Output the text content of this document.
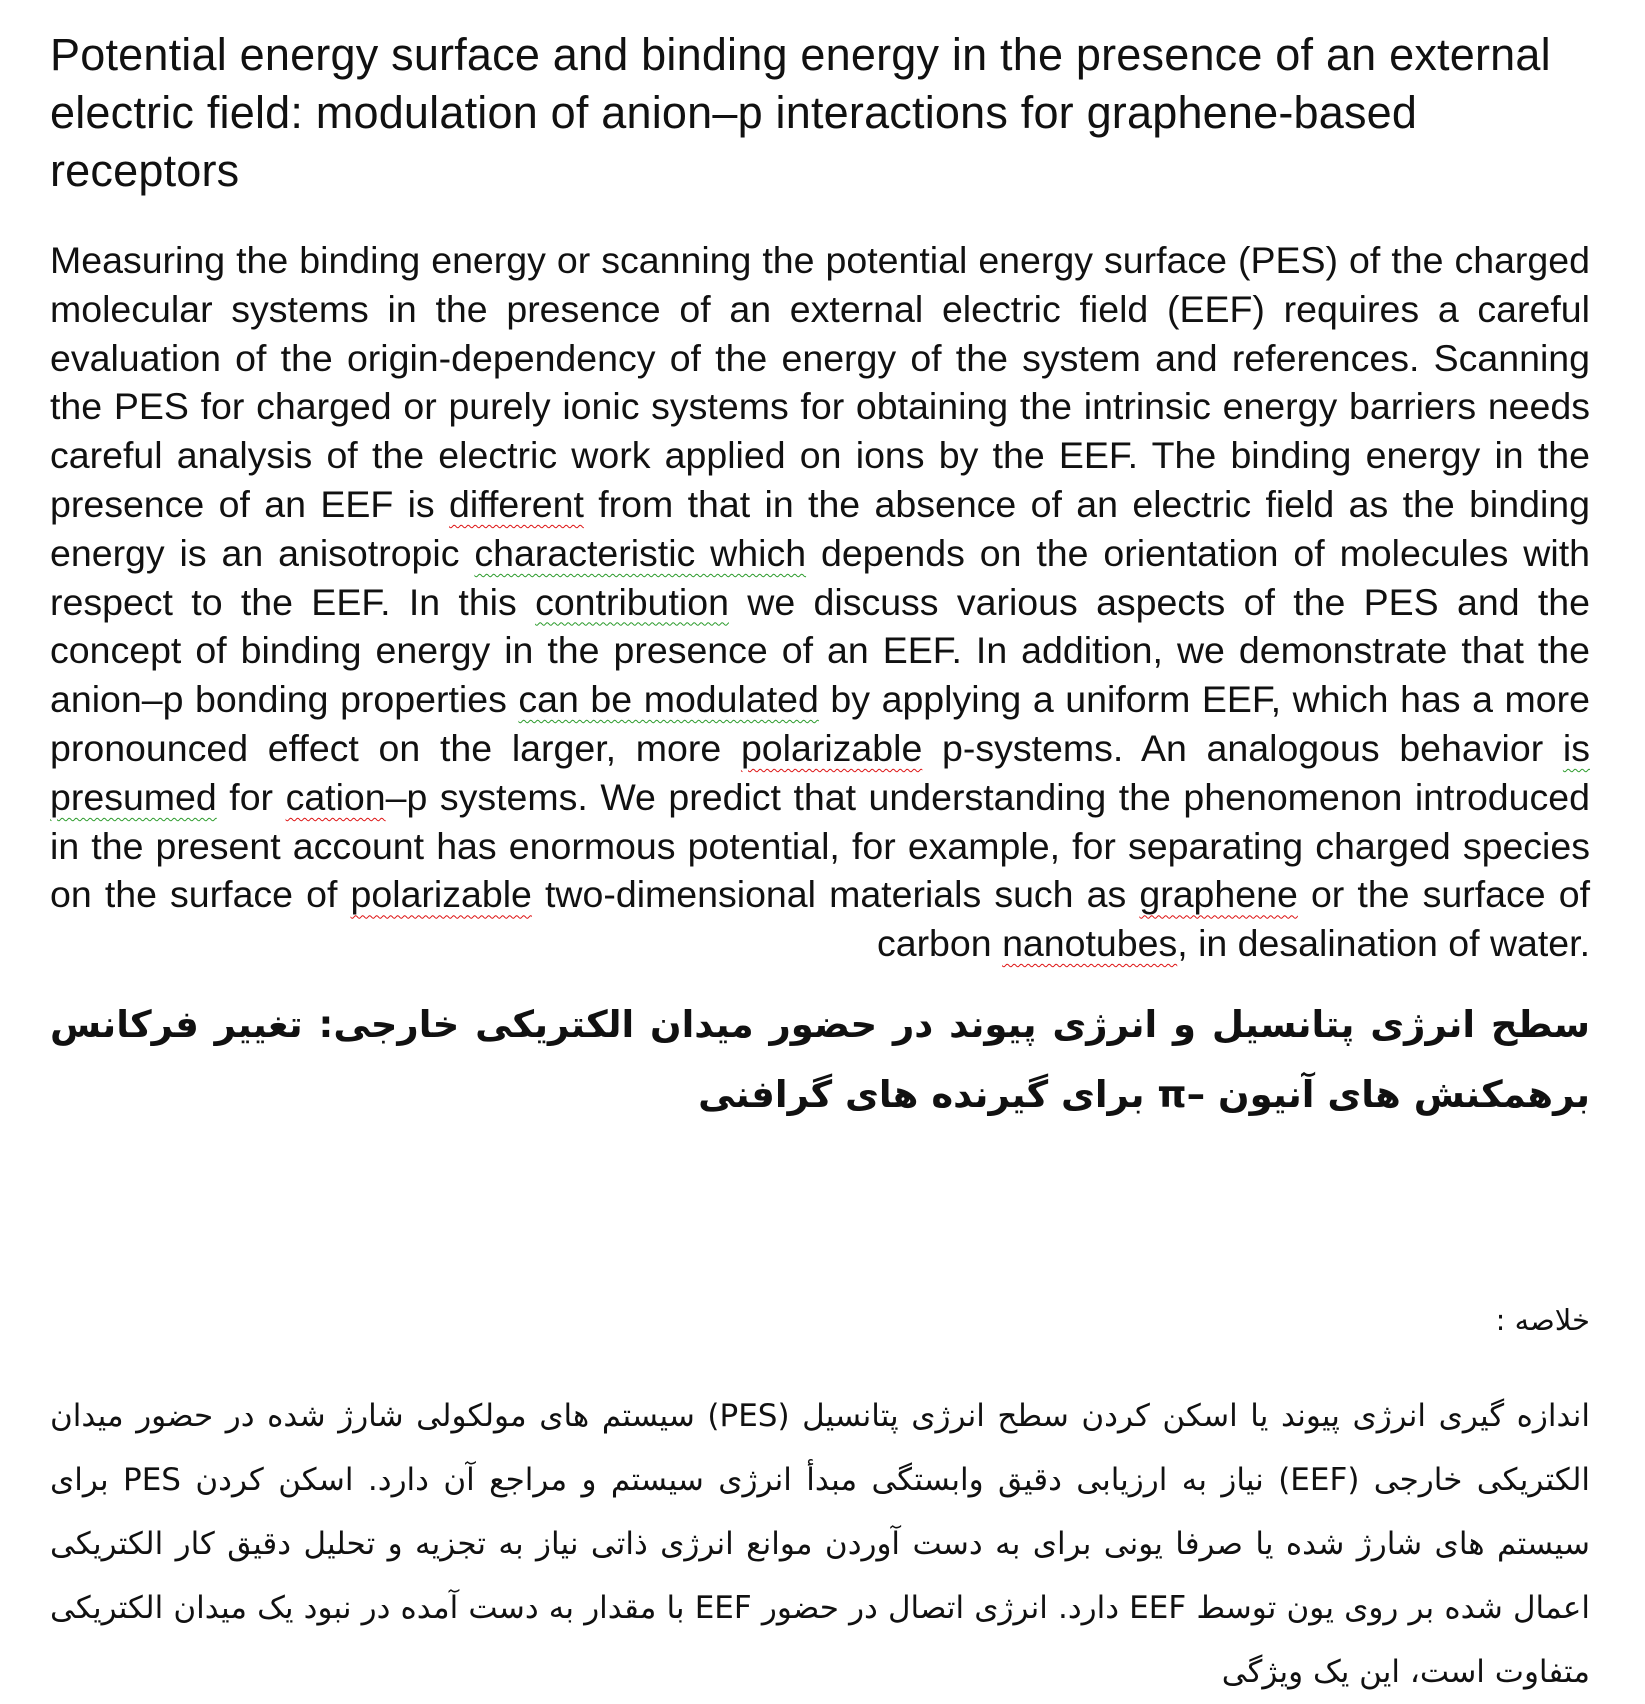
Potential energy surface and binding energy in the presence of an external electric field: modulation of anion–p interactions for graphene-based receptors

Measuring the binding energy or scanning the potential energy surface (PES) of the charged molecular systems in the presence of an external electric field (EEF) requires a careful evaluation of the origin-dependency of the energy of the system and references. Scanning the PES for charged or purely ionic systems for obtaining the intrinsic energy barriers needs careful analysis of the electric work applied on ions by the EEF. The binding energy in the presence of an EEF is different from that in the absence of an electric field as the binding energy is an anisotropic characteristic which depends on the orientation of molecules with respect to the EEF. In this contribution we discuss various aspects of the PES and the concept of binding energy in the presence of an EEF. In addition, we demonstrate that the anion–p bonding properties can be modulated by applying a uniform EEF, which has a more pronounced effect on the larger, more polarizable p-systems. An analogous behavior is presumed for cation–p systems. We predict that understanding the phenomenon introduced in the present account has enormous potential, for example, for separating charged species on the surface of polarizable two-dimensional materials such as graphene or the surface of carbon nanotubes, in desalination of water.

سطح انرژی پتانسیل و انرژی پیوند در حضور میدان الکتریکی خارجی: تغییر فرکانس برهمکنش های آنیون –π برای گیرنده های گرافنی

خلاصه :

اندازه گیری انرژی پیوند یا اسکن کردن سطح انرژی پتانسیل (PES) سیستم های مولکولی شارژ شده در حضور میدان الکتریکی خارجی (EEF) نیاز به ارزیابی دقیق وابستگی مبدأ انرژی سیستم و مراجع آن دارد. اسکن کردن PES برای سیستم های شارژ شده یا صرفا یونی برای به دست آوردن موانع انرژی ذاتی نیاز به تجزیه و تحلیل دقیق کار الکتریکی اعمال شده بر روی یون توسط EEF دارد. انرژی اتصال در حضور EEF با مقدار به دست آمده در نبود یک میدان الکتریکی متفاوت است، این یک ویژگی
